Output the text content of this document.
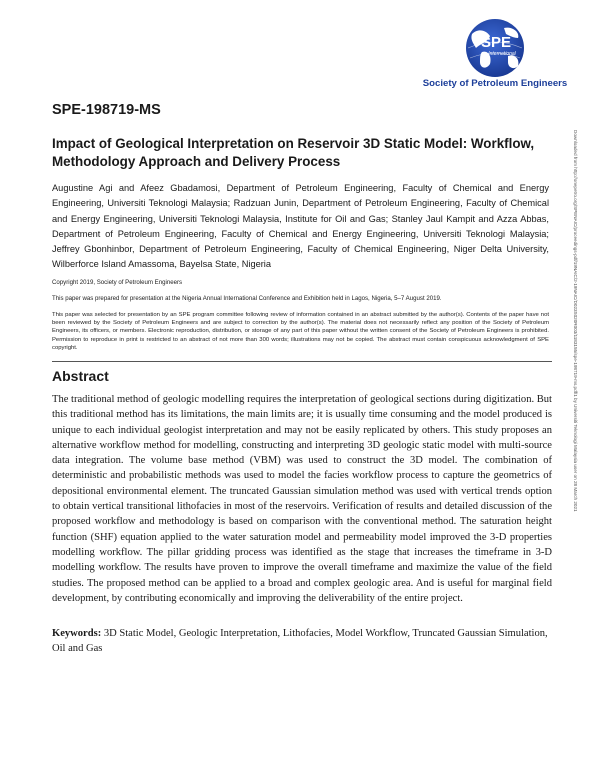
SPE
International
Society of Petroleum Engineers
SPE-198719-MS
Impact of Geological Interpretation on Reservoir 3D Static Model: Workflow, Methodology Approach and Delivery Process
Augustine Agi and Afeez Gbadamosi, Department of Petroleum Engineering, Faculty of Chemical and Energy Engineering, Universiti Teknologi Malaysia; Radzuan Junin, Department of Petroleum Engineering, Faculty of Chemical and Energy Engineering, Universiti Teknologi Malaysia, Institute for Oil and Gas; Stanley Jaul Kampit and Azza Abbas, Department of Petroleum Engineering, Faculty of Chemical and Energy Engineering, Universiti Teknologi Malaysia; Jeffrey Gbonhinbor, Department of Petroleum Engineering, Faculty of Chemical Engineering, Niger Delta University, Wilberforce Island Amassoma, Bayelsa State, Nigeria
Copyright 2019, Society of Petroleum Engineers
This paper was prepared for presentation at the Nigeria Annual International Conference and Exhibition held in Lagos, Nigeria, 5–7 August 2019.
This paper was selected for presentation by an SPE program committee following review of information contained in an abstract submitted by the author(s). Contents of the paper have not been reviewed by the Society of Petroleum Engineers and are subject to correction by the author(s). The material does not necessarily reflect any position of the Society of Petroleum Engineers, its officers, or members. Electronic reproduction, distribution, or storage of any part of this paper without the written consent of the Society of Petroleum Engineers is prohibited. Permission to reproduce in print is restricted to an abstract of not more than 300 words; illustrations may not be copied. The abstract must contain conspicuous acknowledgment of SPE copyright.
Abstract

The traditional method of geologic modelling requires the interpretation of geological sections during digitization. But this traditional method has its limitations, the main limits are; it is usually time consuming and the model produced is unique to each individual geologist interpretation and may not be easily replicated by others. This study proposes an alternative workflow method for modelling, constructing and interpreting 3D geologic static model with multi-source data integration. The volume base method (VBM) was used to construct the 3D model. The combination of deterministic and probabilistic methods was used to model the facies workflow process to capture the geometrics of depositional environmental element. The truncated Gaussian simulation method was used with vertical trends option to obtain vertical transitional lithofacies in most of the reservoirs. Verification of results and detailed discussion of the proposed workflow and methodology is based on comparison with the conventional method. The saturation height function (SHF) equation applied to the water saturation model and permeability model improved the 3-D properties modelling workflow. The pillar gridding process was identified as the stage that increases the timeframe in 3-D modelling workflow. The results have proven to improve the overall timeframe and maximize the value of the field studies. The proposed method can be applied to a broad and complex geologic area. And is useful for marginal field development, by contributing economically and improving the deliverability of the entire project.

Keywords: 3D Static Model, Geologic Interpretation, Lithofacies, Model Workflow, Truncated Gaussian Simulation, Oil and Gas
Downloaded from http://onepetro.org/SPENAIC/proceedings-pdf/19NAIC/2-19NAIC/D023S020R003/1183155/spe-198719-ms.pdf/1 by Universiti Teknologi Malaysia user on 28 March 2021
